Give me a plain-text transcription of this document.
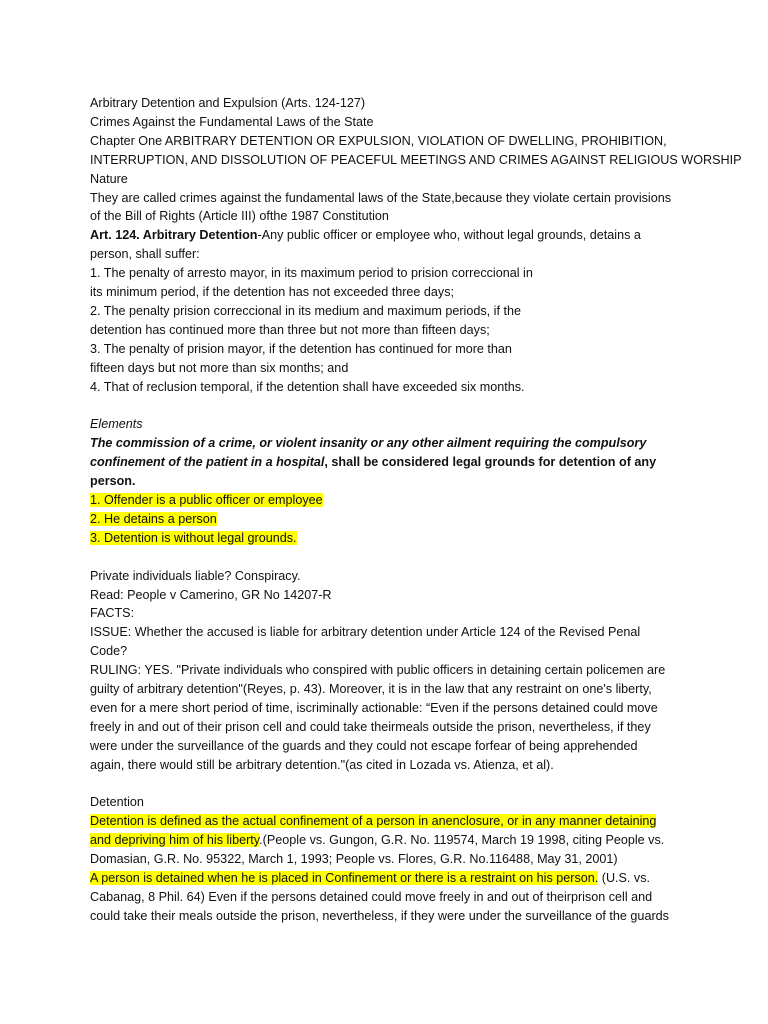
Arbitrary Detention and Expulsion (Arts. 124-127)
Crimes Against the Fundamental Laws of the State
Chapter One ARBITRARY DETENTION OR EXPULSION, VIOLATION OF DWELLING, PROHIBITION,
INTERRUPTION, AND DISSOLUTION OF PEACEFUL MEETINGS AND CRIMES AGAINST RELIGIOUS WORSHIP
Nature
They are called crimes against the fundamental laws of the State,because they violate certain provisions
of the Bill of Rights (Article III) ofthe 1987 Constitution
Art. 124. Arbitrary Detention-Any public officer or employee who, without legal grounds, detains a
person, shall suffer:
1. The penalty of arresto mayor, in its maximum period to prision correccional in
its minimum period, if the detention has not exceeded three days;
2. The penalty prision correccional in its medium and maximum periods, if the
detention has continued more than three but not more than fifteen days;
3. The penalty of prision mayor, if the detention has continued for more than
fifteen days but not more than six months; and
4. That of reclusion temporal, if the detention shall have exceeded six months.
Elements
The commission of a crime, or violent insanity or any other ailment requiring the compulsory
confinement of the patient in a hospital, shall be considered legal grounds for detention of any
person.
1. Offender is a public officer or employee
2. He detains a person
3. Detention is without legal grounds.
Private individuals liable? Conspiracy.
Read: People v Camerino, GR No 14207-R
FACTS:
ISSUE: Whether the accused is liable for arbitrary detention under Article 124 of the Revised Penal
Code?
RULING: YES. "Private individuals who conspired with public officers in detaining certain policemen are
guilty of arbitrary detention"(Reyes, p. 43). Moreover, it is in the law that any restraint on one's liberty,
even for a mere short period of time, iscriminally actionable: “Even if the persons detained could move
freely in and out of their prison cell and could take theirmeals outside the prison, nevertheless, if they
were under the surveillance of the guards and they could not escape forfear of being apprehended
again, there would still be arbitrary detention."(as cited in Lozada vs. Atienza, et al).
Detention
Detention is defined as the actual confinement of a person in anenclosure, or in any manner detaining
and depriving him of his liberty.(People vs. Gungon, G.R. No. 119574, March 19 1998, citing People vs.
Domasian, G.R. No. 95322, March 1, 1993; People vs. Flores, G.R. No.116488, May 31, 2001)
A person is detained when he is placed in Confinement or there is a restraint on his person. (U.S. vs.
Cabanag, 8 Phil. 64) Even if the persons detained could move freely in and out of theirprison cell and
could take their meals outside the prison, nevertheless, if they were under the surveillance of the guards
